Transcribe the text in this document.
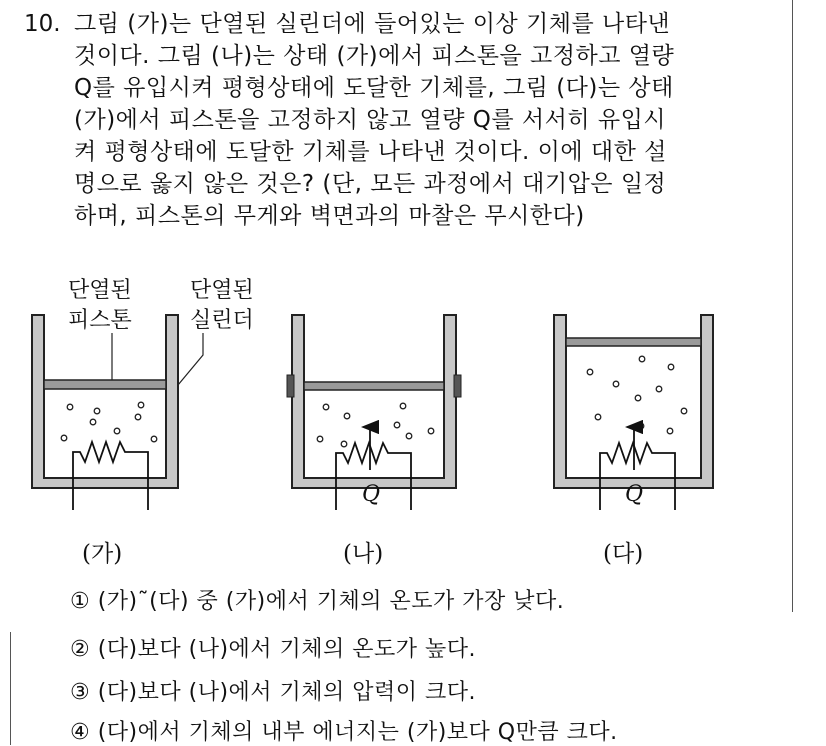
10. 그림 (가)는 단열된 실린더에 들어있는 이상 기체를 나타낸
것이다. 그림 (나)는 상태 (가)에서 피스톤을 고정하고 열량
Q를 유입시켜 평형상태에 도달한 기체를, 그림 (다)는 상태
(가)에서 피스톤을 고정하지 않고 열량 Q를 서서히 유입시
켜 평형상태에 도달한 기체를 나타낸 것이다. 이에 대한 설
명으로 옳지 않은 것은? (단, 모든 과정에서 대기압은 일정
하며, 피스톤의 무게와 벽면과의 마찰은 무시한다)
단열된 피스톤
단열된 실린더
(가)
Q
(나)
Q
(다)
① (가)˜(다) 중 (가)에서 기체의 온도가 가장 낮다.
② (다)보다 (나)에서 기체의 온도가 높다.
③ (다)보다 (나)에서 기체의 압력이 크다.
④ (다)에서 기체의 내부 에너지는 (가)보다 Q만큼 크다.
